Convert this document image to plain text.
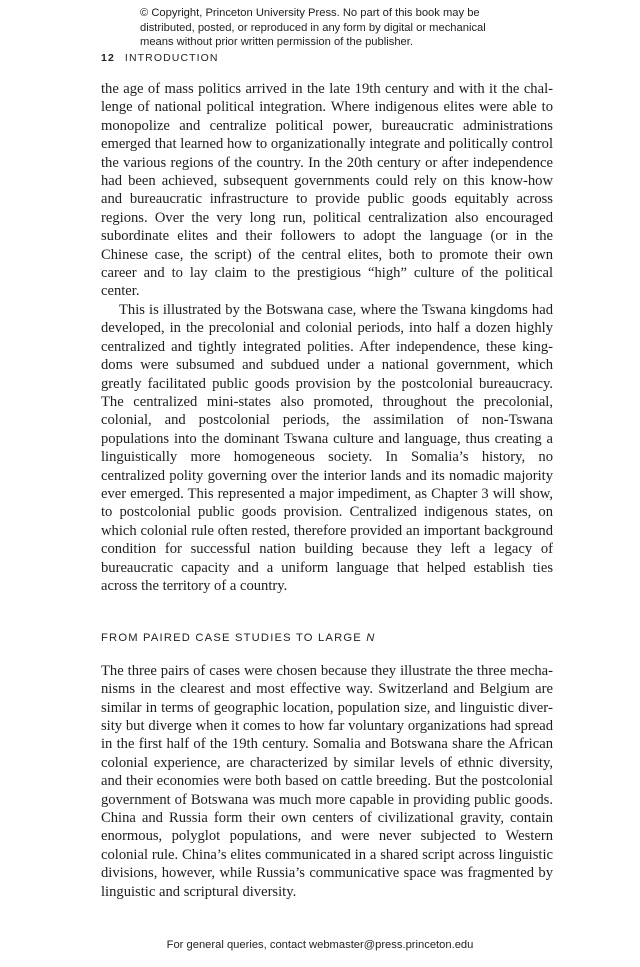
© Copyright, Princeton University Press. No part of this book may be
distributed, posted, or reproduced in any form by digital or mechanical
means without prior written permission of the publisher.
12 INTRODUCTION

the age of mass politics arrived in the late 19th century and with it the challenge of national political integration. Where indigenous elites were able to monopolize and centralize political power, bureaucratic administrations emerged that learned how to organizationally integrate and politically control the various regions of the country. In the 20th century or after independence had been achieved, subsequent governments could rely on this know-how and bureaucratic infrastructure to provide public goods equitably across regions. Over the very long run, political centralization also encouraged subordinate elites and their followers to adopt the language (or in the Chinese case, the script) of the central elites, both to promote their own career and to lay claim to the prestigious “high” culture of the political center.

This is illustrated by the Botswana case, where the Tswana kingdoms had developed, in the precolonial and colonial periods, into half a dozen highly centralized and tightly integrated polities. After independence, these kingdoms were subsumed and subdued under a national government, which greatly facilitated public goods provision by the postcolonial bureaucracy. The centralized mini-states also promoted, throughout the precolonial, colonial, and postcolonial periods, the assimilation of non-Tswana populations into the dominant Tswana culture and language, thus creating a linguistically more homogeneous society. In Somalia’s history, no centralized polity governing over the interior lands and its nomadic majority ever emerged. This represented a major impediment, as Chapter 3 will show, to postcolonial public goods provision. Centralized indigenous states, on which colonial rule often rested, therefore provided an important background condition for successful nation building because they left a legacy of bureaucratic capacity and a uniform language that helped establish ties across the territory of a country.

FROM PAIRED CASE STUDIES TO LARGE N

The three pairs of cases were chosen because they illustrate the three mechanisms in the clearest and most effective way. Switzerland and Belgium are similar in terms of geographic location, population size, and linguistic diversity but diverge when it comes to how far voluntary organizations had spread in the first half of the 19th century. Somalia and Botswana share the African colonial experience, are characterized by similar levels of ethnic diversity, and their economies were both based on cattle breeding. But the postcolonial government of Botswana was much more capable in providing public goods. China and Russia form their own centers of civilizational gravity, contain enormous, polyglot populations, and were never subjected to Western colonial rule. China’s elites communicated in a shared script across linguistic divisions, however, while Russia’s communicative space was fragmented by linguistic and scriptural diversity.

For general queries, contact webmaster@press.princeton.edu
